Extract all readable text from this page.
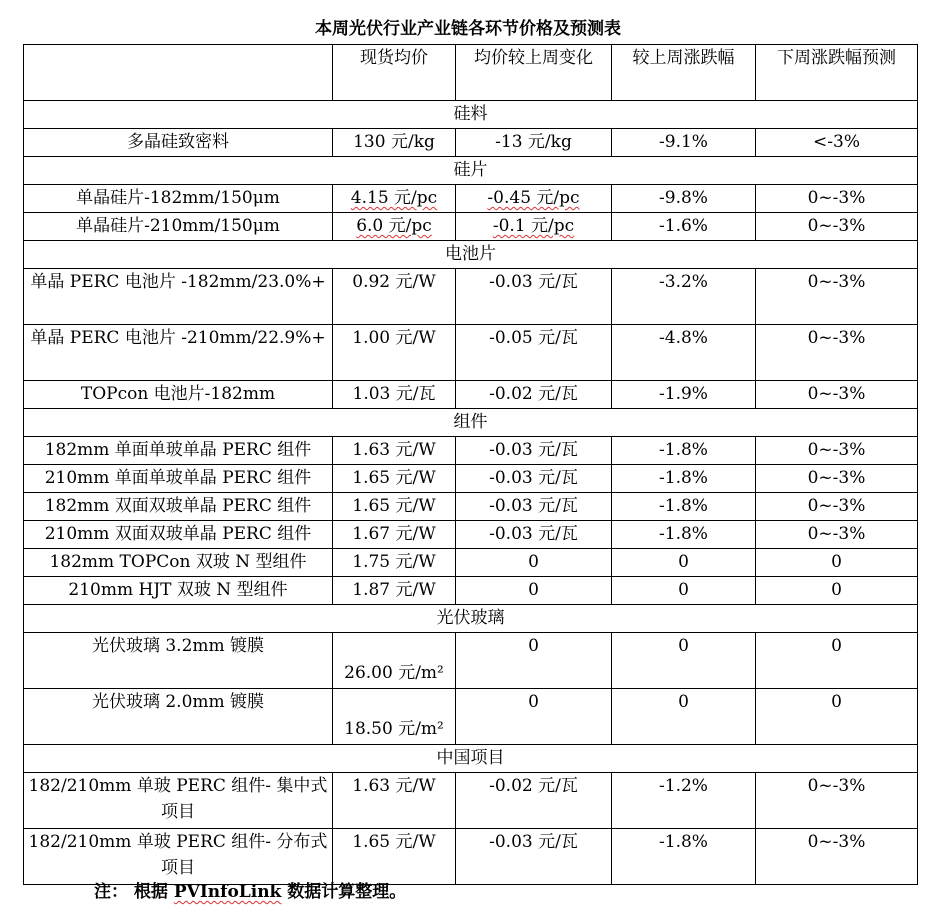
本周光伏行业产业链各环节价格及预测表
	现货均价	均价较上周变化	较上周涨跌幅	下周涨跌幅预测
硅料				
多晶硅致密料	130 元/kg	-13 元/kg	-9.1%	<-3%
硅片				
单晶硅片-182mm/150μm	4.15 元/pc	-0.45 元/pc	-9.8%	0~-3%
单晶硅片-210mm/150μm	6.0 元/pc	-0.1 元/pc	-1.6%	0~-3%
电池片				
单晶 PERC 电池片 -182mm/23.0%+	0.92 元/W	-0.03 元/瓦	-3.2%	0~-3%
单晶 PERC 电池片 -210mm/22.9%+	1.00 元/W	-0.05 元/瓦	-4.8%	0~-3%
TOPcon 电池片-182mm	1.03 元/瓦	-0.02 元/瓦	-1.9%	0~-3%
组件				
182mm 单面单玻单晶 PERC 组件	1.63 元/W	-0.03 元/瓦	-1.8%	0~-3%
210mm 单面单玻单晶 PERC 组件	1.65 元/W	-0.03 元/瓦	-1.8%	0~-3%
182mm 双面双玻单晶 PERC 组件	1.65 元/W	-0.03 元/瓦	-1.8%	0~-3%
210mm 双面双玻单晶 PERC 组件	1.67 元/W	-0.03 元/瓦	-1.8%	0~-3%
182mm TOPCon 双玻 N 型组件	1.75 元/W	0	0	0
210mm HJT 双玻 N 型组件	1.87 元/W	0	0	0
光伏玻璃				
光伏玻璃 3.2mm 镀膜	26.00 元/m²	0	0	0
光伏玻璃 2.0mm 镀膜	18.50 元/m²	0	0	0
中国项目				
182/210mm 单玻 PERC 组件- 集中式项目	1.63 元/W	-0.02 元/瓦	-1.2%	0~-3%
182/210mm 单玻 PERC 组件- 分布式项目	1.65 元/W	-0.03 元/瓦	-1.8%	0~-3%
注： 根据 PVInfoLink 数据计算整理。
